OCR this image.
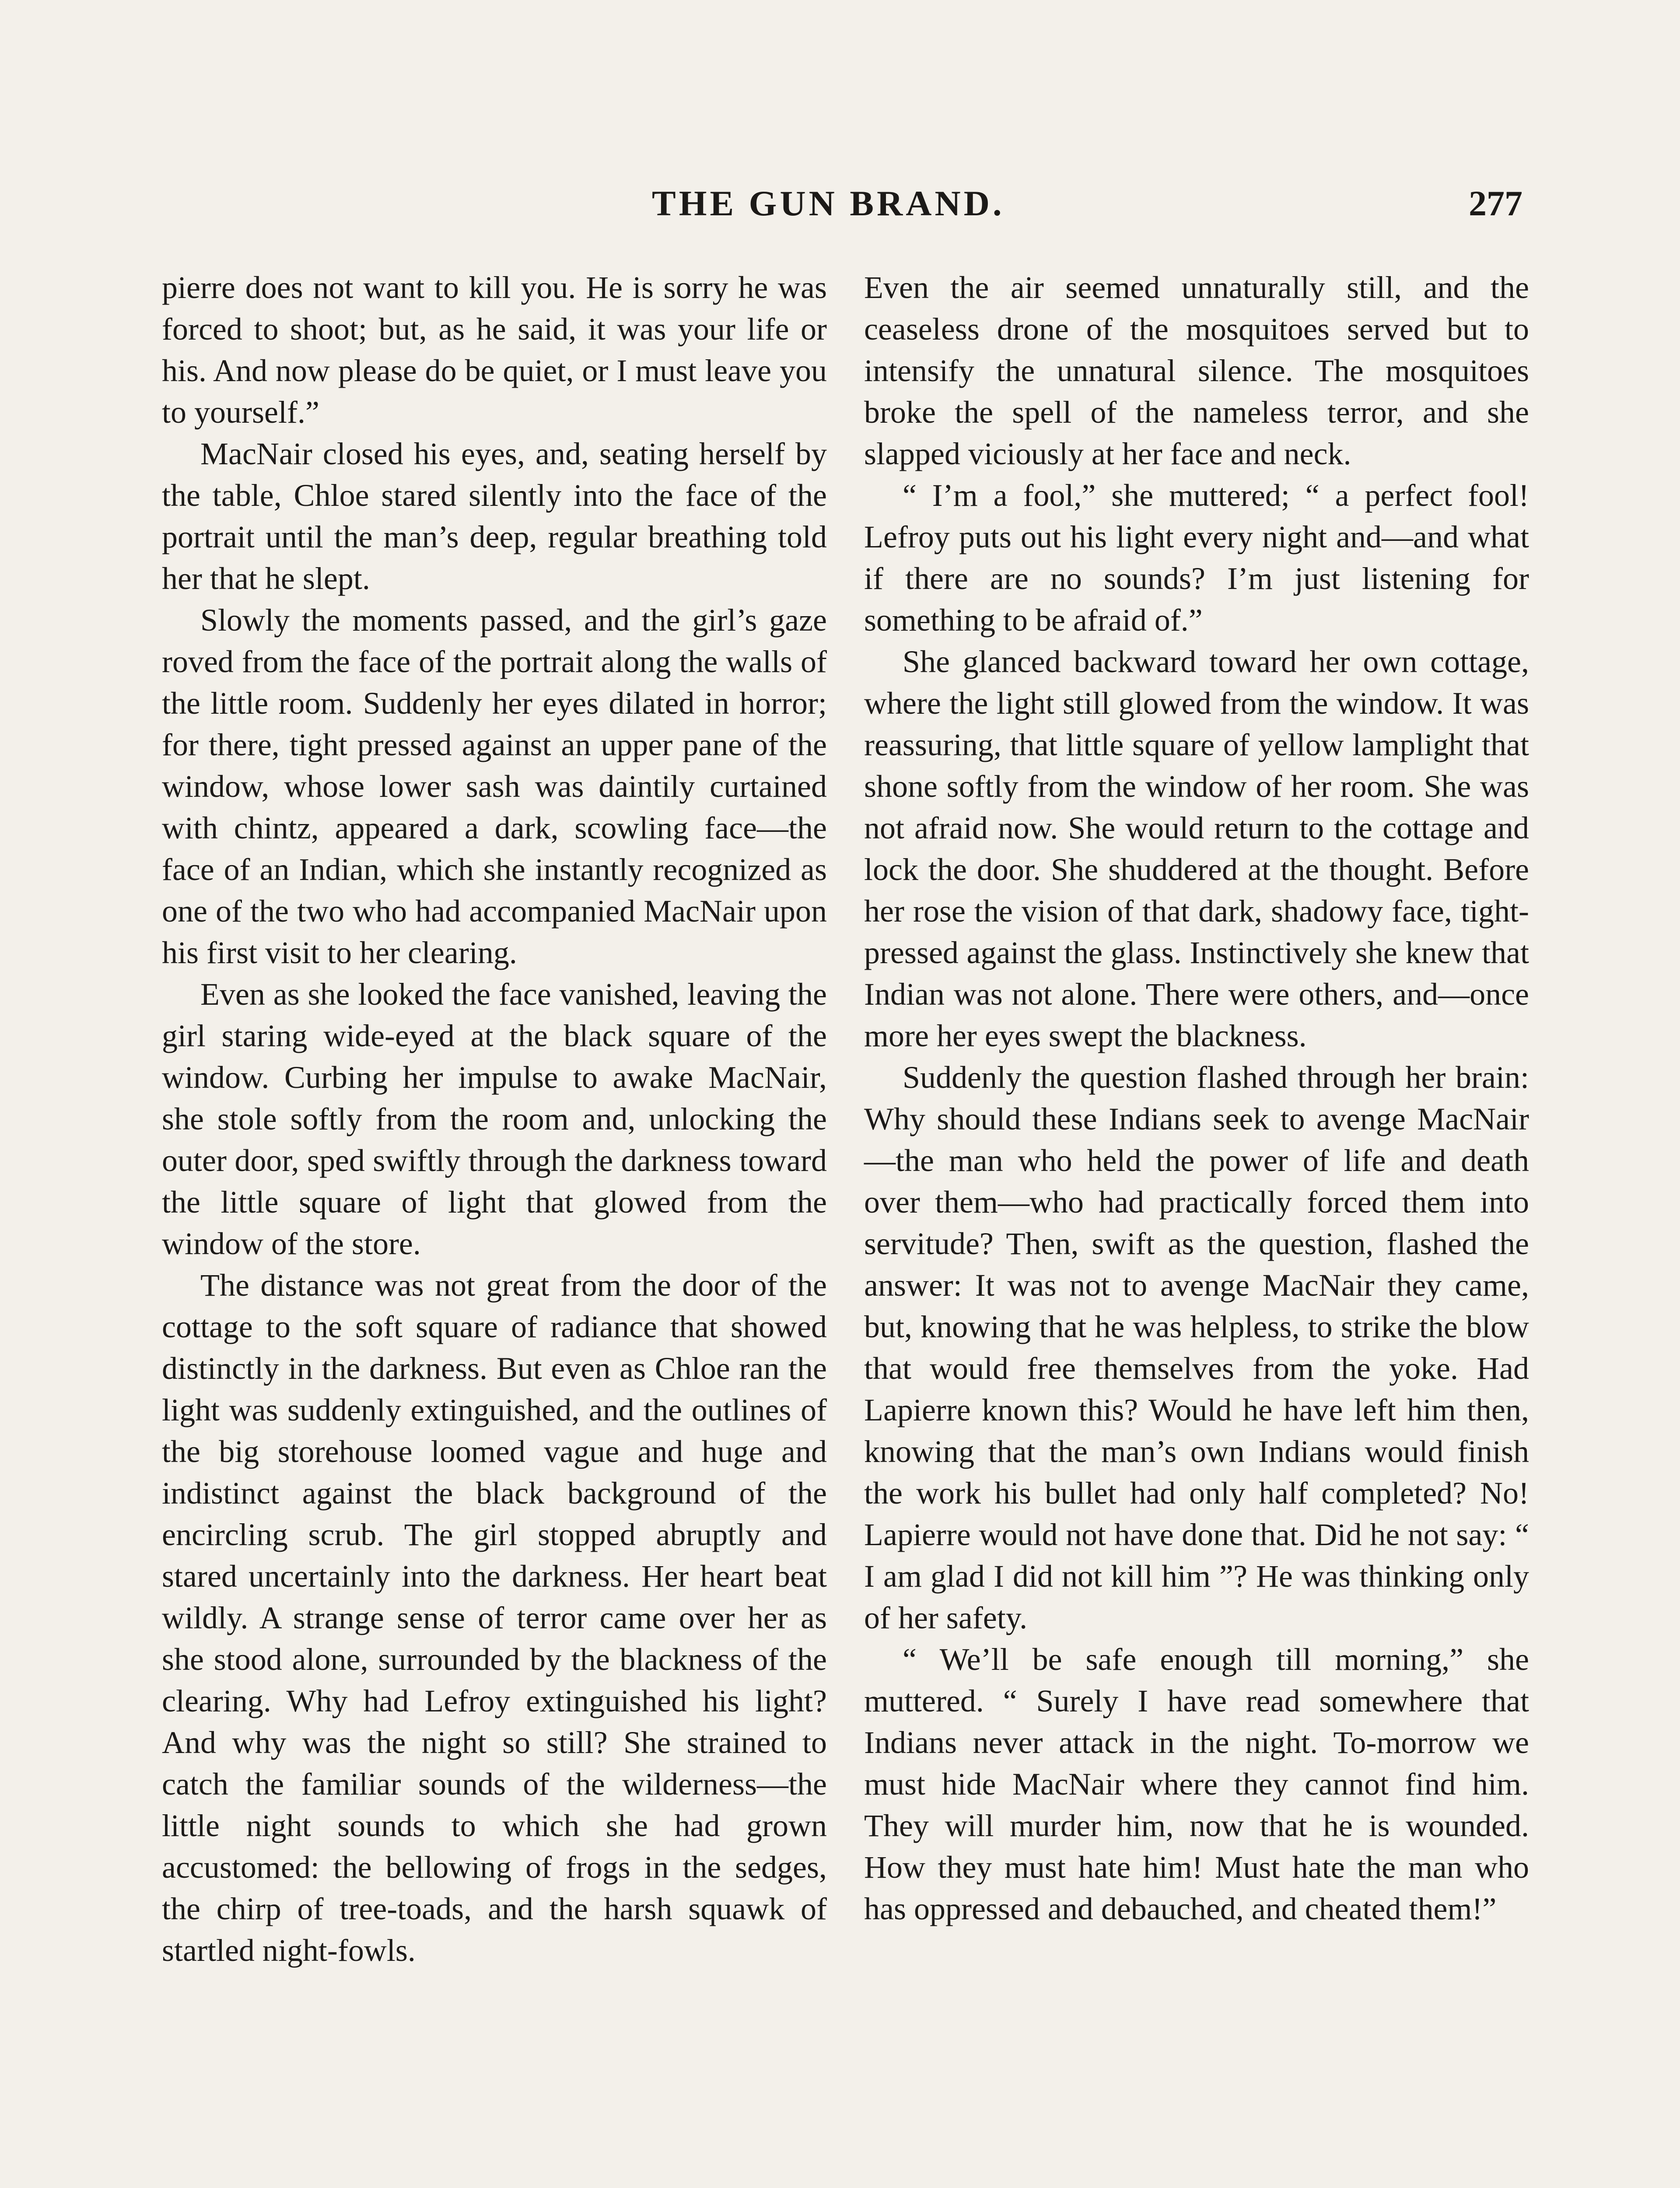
THE GUN BRAND.	277

pierre does not want to kill you. He is sorry he was forced to shoot; but, as he said, it was your life or his. And now please do be quiet, or I must leave you to yourself.”

MacNair closed his eyes, and, seating herself by the table, Chloe stared silently into the face of the portrait until the man’s deep, regular breathing told her that he slept.

Slowly the moments passed, and the girl’s gaze roved from the face of the portrait along the walls of the little room. Suddenly her eyes dilated in horror; for there, tight pressed against an upper pane of the window, whose lower sash was daintily curtained with chintz, appeared a dark, scowling face—the face of an Indian, which she instantly recognized as one of the two who had accompanied MacNair upon his first visit to her clearing.

Even as she looked the face vanished, leaving the girl staring wide-eyed at the black square of the window. Curbing her impulse to awake MacNair, she stole softly from the room and, unlocking the outer door, sped swiftly through the darkness toward the little square of light that glowed from the window of the store.

The distance was not great from the door of the cottage to the soft square of radiance that showed distinctly in the darkness. But even as Chloe ran the light was suddenly extinguished, and the outlines of the big storehouse loomed vague and huge and indistinct against the black background of the encircling scrub. The girl stopped abruptly and stared uncertainly into the darkness. Her heart beat wildly. A strange sense of terror came over her as she stood alone, surrounded by the blackness of the clearing. Why had Lefroy extinguished his light? And why was the night so still? She strained to catch the familiar sounds of the wilderness—the little night sounds to which she had grown accustomed: the bellowing of frogs in the sedges, the chirp of tree-toads, and the harsh squawk of startled night-fowls.

Even the air seemed unnaturally still, and the ceaseless drone of the mosquitoes served but to intensify the unnatural silence. The mosquitoes broke the spell of the nameless terror, and she slapped viciously at her face and neck.

“ I’m a fool,” she muttered; “ a perfect fool! Lefroy puts out his light every night and—and what if there are no sounds? I’m just listening for something to be afraid of.”

She glanced backward toward her own cottage, where the light still glowed from the window. It was reassuring, that little square of yellow lamplight that shone softly from the window of her room. She was not afraid now. She would return to the cottage and lock the door. She shuddered at the thought. Before her rose the vision of that dark, shadowy face, tight-pressed against the glass. Instinctively she knew that Indian was not alone. There were others, and—once more her eyes swept the blackness.

Suddenly the question flashed through her brain: Why should these Indians seek to avenge MacNair—the man who held the power of life and death over them—who had practically forced them into servitude? Then, swift as the question, flashed the answer: It was not to avenge MacNair they came, but, knowing that he was helpless, to strike the blow that would free themselves from the yoke. Had Lapierre known this? Would he have left him then, knowing that the man’s own Indians would finish the work his bullet had only half completed? No! Lapierre would not have done that. Did he not say: “ I am glad I did not kill him ”? He was thinking only of her safety.

“ We’ll be safe enough till morning,” she muttered. “ Surely I have read somewhere that Indians never attack in the night. To-morrow we must hide MacNair where they cannot find him. They will murder him, now that he is wounded. How they must hate him! Must hate the man who has oppressed and debauched, and cheated them!”
